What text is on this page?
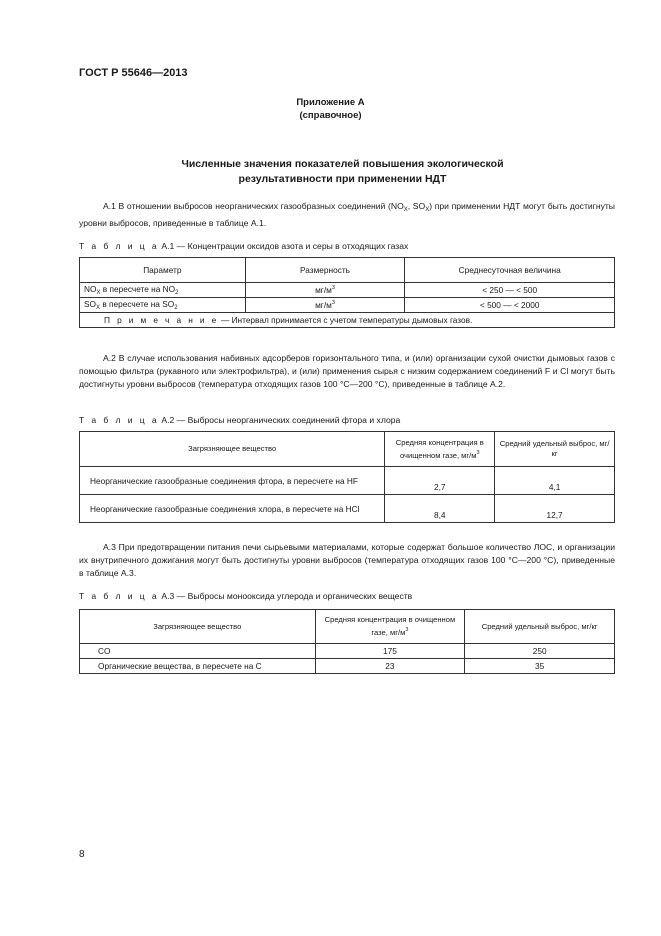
ГОСТ Р 55646—2013
Приложение А
(справочное)
Численные значения показателей повышения экологической
результативности при применении НДТ
А.1 В отношении выбросов неорганических газообразных соединений ($NO_X$, $SO_X$) при применении НДТ могут быть достигнуты уровни выбросов, приведенные в таблице А.1.
Т а б л и ц а А.1 — Концентрации оксидов азота и серы в отходящих газах
Параметр	Размерность	Среднесуточная величина
$NO_X$ в пересчете на $NO_2$	$мг/м^3$	< 250 — < 500
$SO_X$ в пересчете на $SO_2$	$мг/м^3$	< 500 — < 2000
П р и м е ч а н и е — Интервал принимается с учетом температуры дымовых газов.		
А.2 В случае использования набивных адсорберов горизонтального типа, и (или) организации сухой очистки дымовых газов с помощью фильтра (рукавного или электрофильтра), и (или) применения сырья с низким содержанием соединений F и Cl могут быть достигнуты уровни выбросов (температура отходящих газов 100 °C—200 °C), приведенные в таблице А.2.
Т а б л и ц а А.2 — Выбросы неорганических соединений фтора и хлора
Загрязняющее вещество	Средняя концентрация в очищенном газе, $мг/м^3$	Средний удельный выброс, мг/кг
Неорганические газообразные соединения фтора, в пересчете на HF	2,7	4,1
Неорганические газообразные соединения хлора, в пересчете на HCl	8,4	12,7
А.3 При предотвращении питания печи сырьевыми материалами, которые содержат большое количество ЛОС, и организации их внутрипечного дожигания могут быть достигнуты уровни выбросов (температура отходящих газов 100 °C—200 °C), приведенные в таблице А.3.
Т а б л и ц а А.3 — Выбросы монооксида углерода и органических веществ
Загрязняющее вещество	Средняя концентрация в очищенном газе, $мг/м^3$	Средний удельный выброс, мг/кг
CO	175	250
Органические вещества, в пересчете на C	23	35
8
